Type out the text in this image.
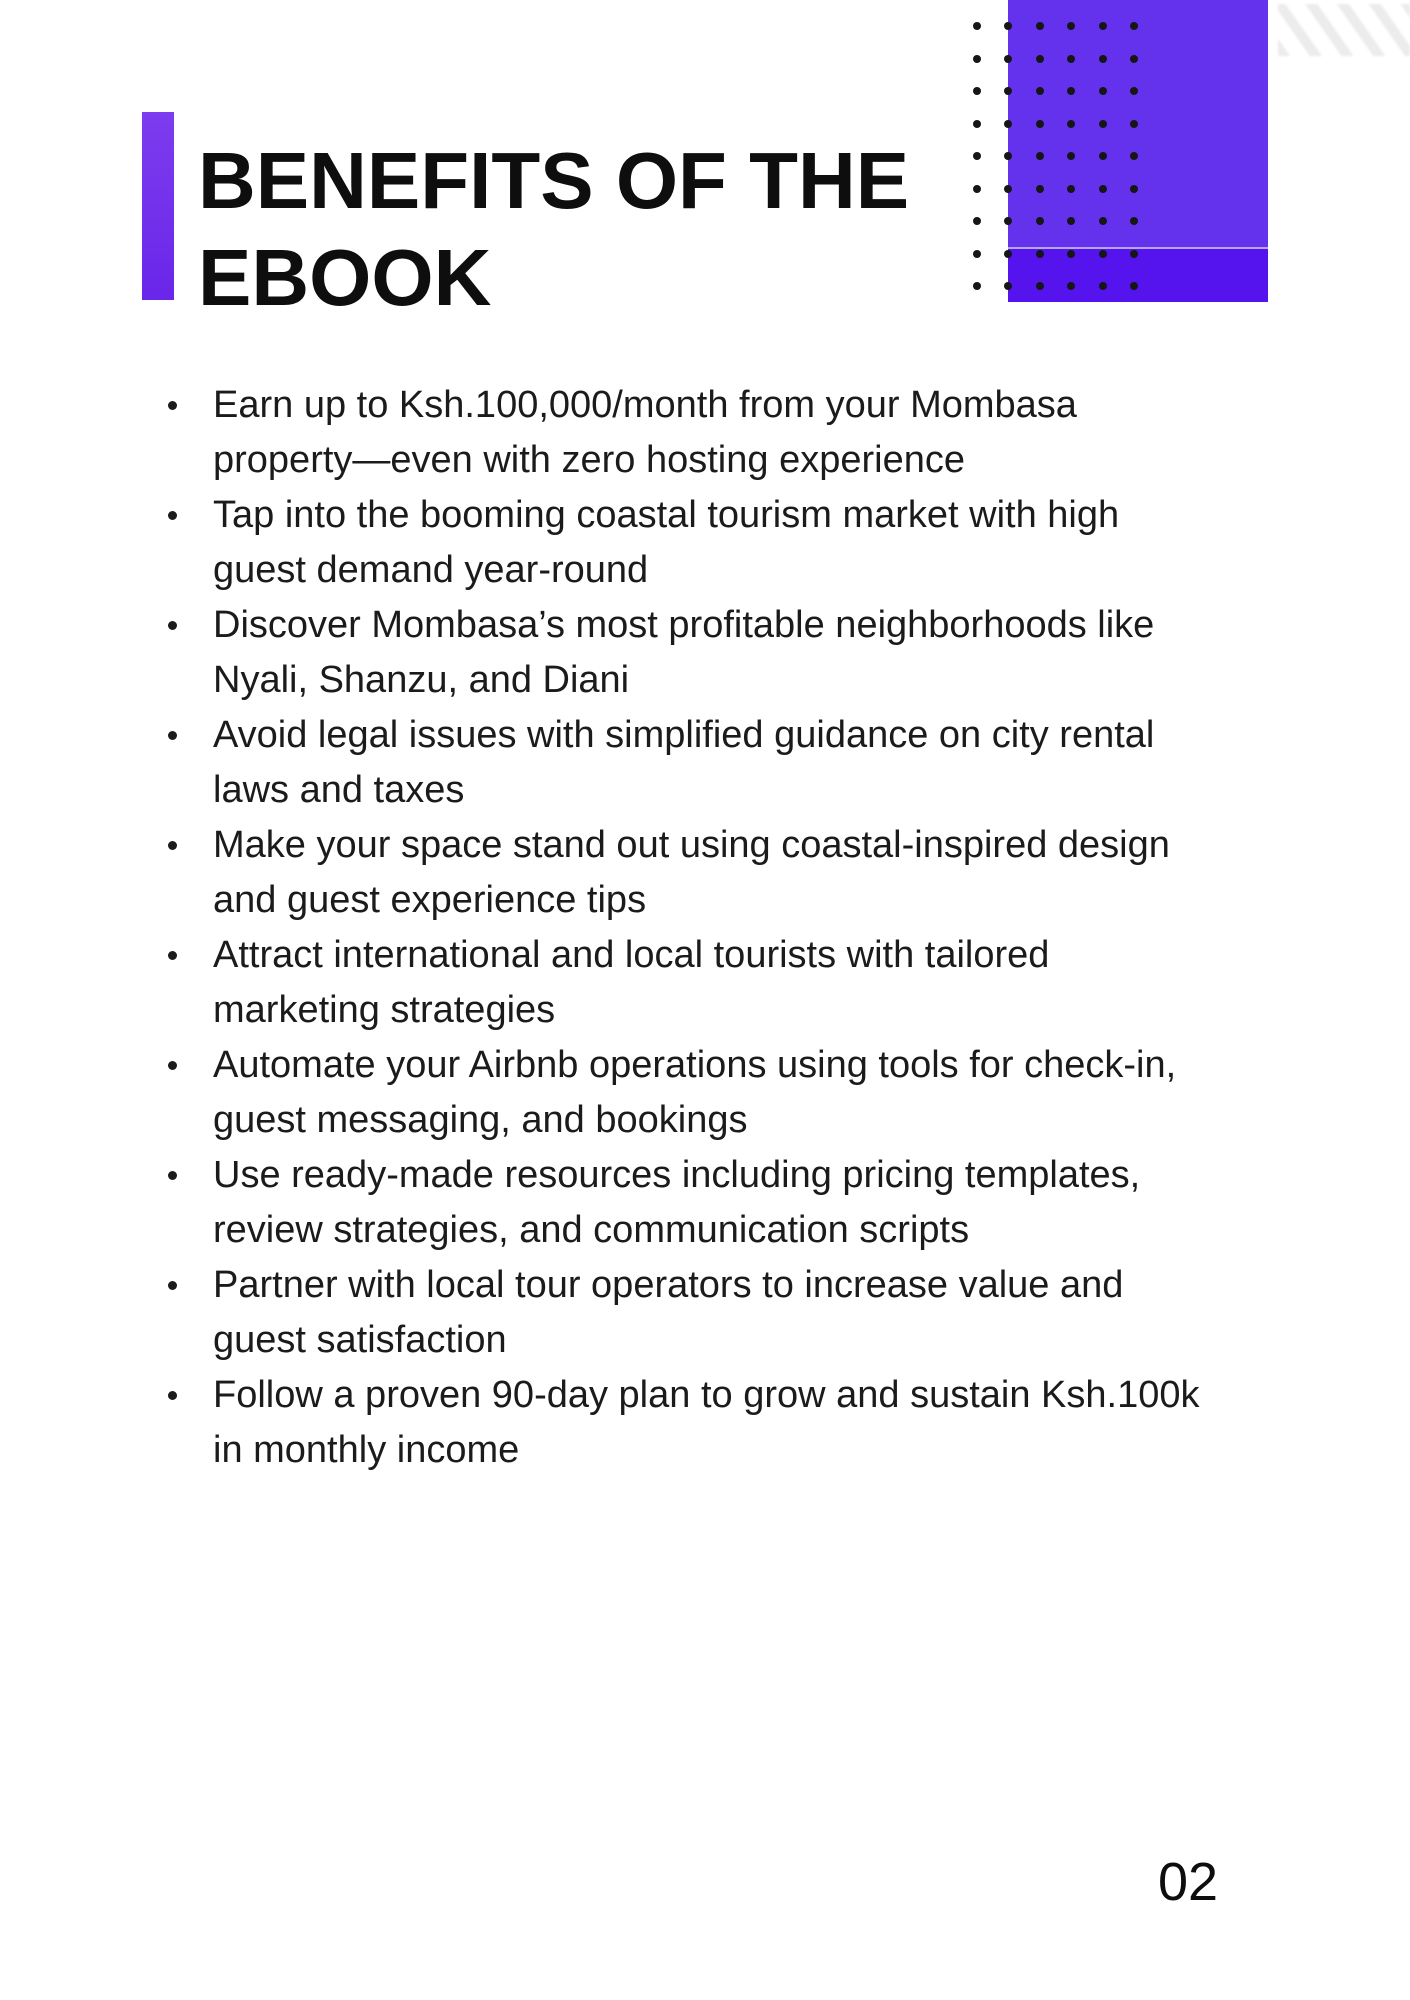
BENEFITS OF THE EBOOK
Earn up to Ksh.100,000/month from your Mombasa property—even with zero hosting experience
Tap into the booming coastal tourism market with high guest demand year-round
Discover Mombasa’s most profitable neighborhoods like Nyali, Shanzu, and Diani
Avoid legal issues with simplified guidance on city rental laws and taxes
Make your space stand out using coastal-inspired design and guest experience tips
Attract international and local tourists with tailored marketing strategies
Automate your Airbnb operations using tools for check-in, guest messaging, and bookings
Use ready-made resources including pricing templates, review strategies, and communication scripts
Partner with local tour operators to increase value and guest satisfaction
Follow a proven 90-day plan to grow and sustain Ksh.100k in monthly income
02
